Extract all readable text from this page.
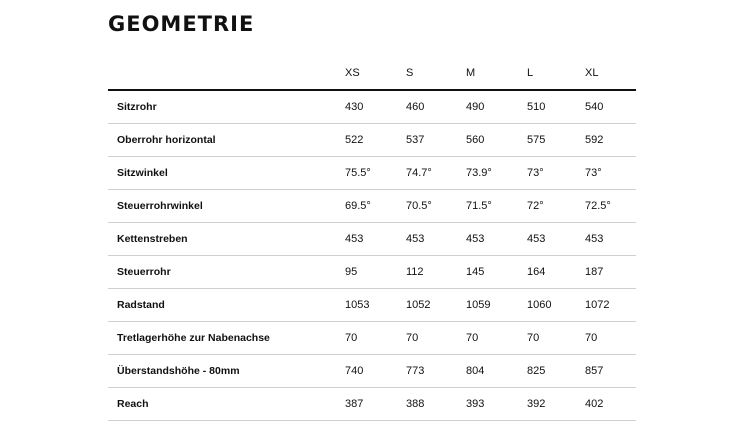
GEOMETRIE
	XS	S	M	L	XL
Sitzrohr	430	460	490	510	540
Oberrohr horizontal	522	537	560	575	592
Sitzwinkel	75.5°	74.7°	73.9°	73°	73°
Steuerrohrwinkel	69.5°	70.5°	71.5°	72°	72.5°
Kettenstreben	453	453	453	453	453
Steuerrohr	95	112	145	164	187
Radstand	1053	1052	1059	1060	1072
Tretlagerhöhe zur Nabenachse	70	70	70	70	70
Überstandshöhe - 80mm	740	773	804	825	857
Reach	387	388	393	392	402
